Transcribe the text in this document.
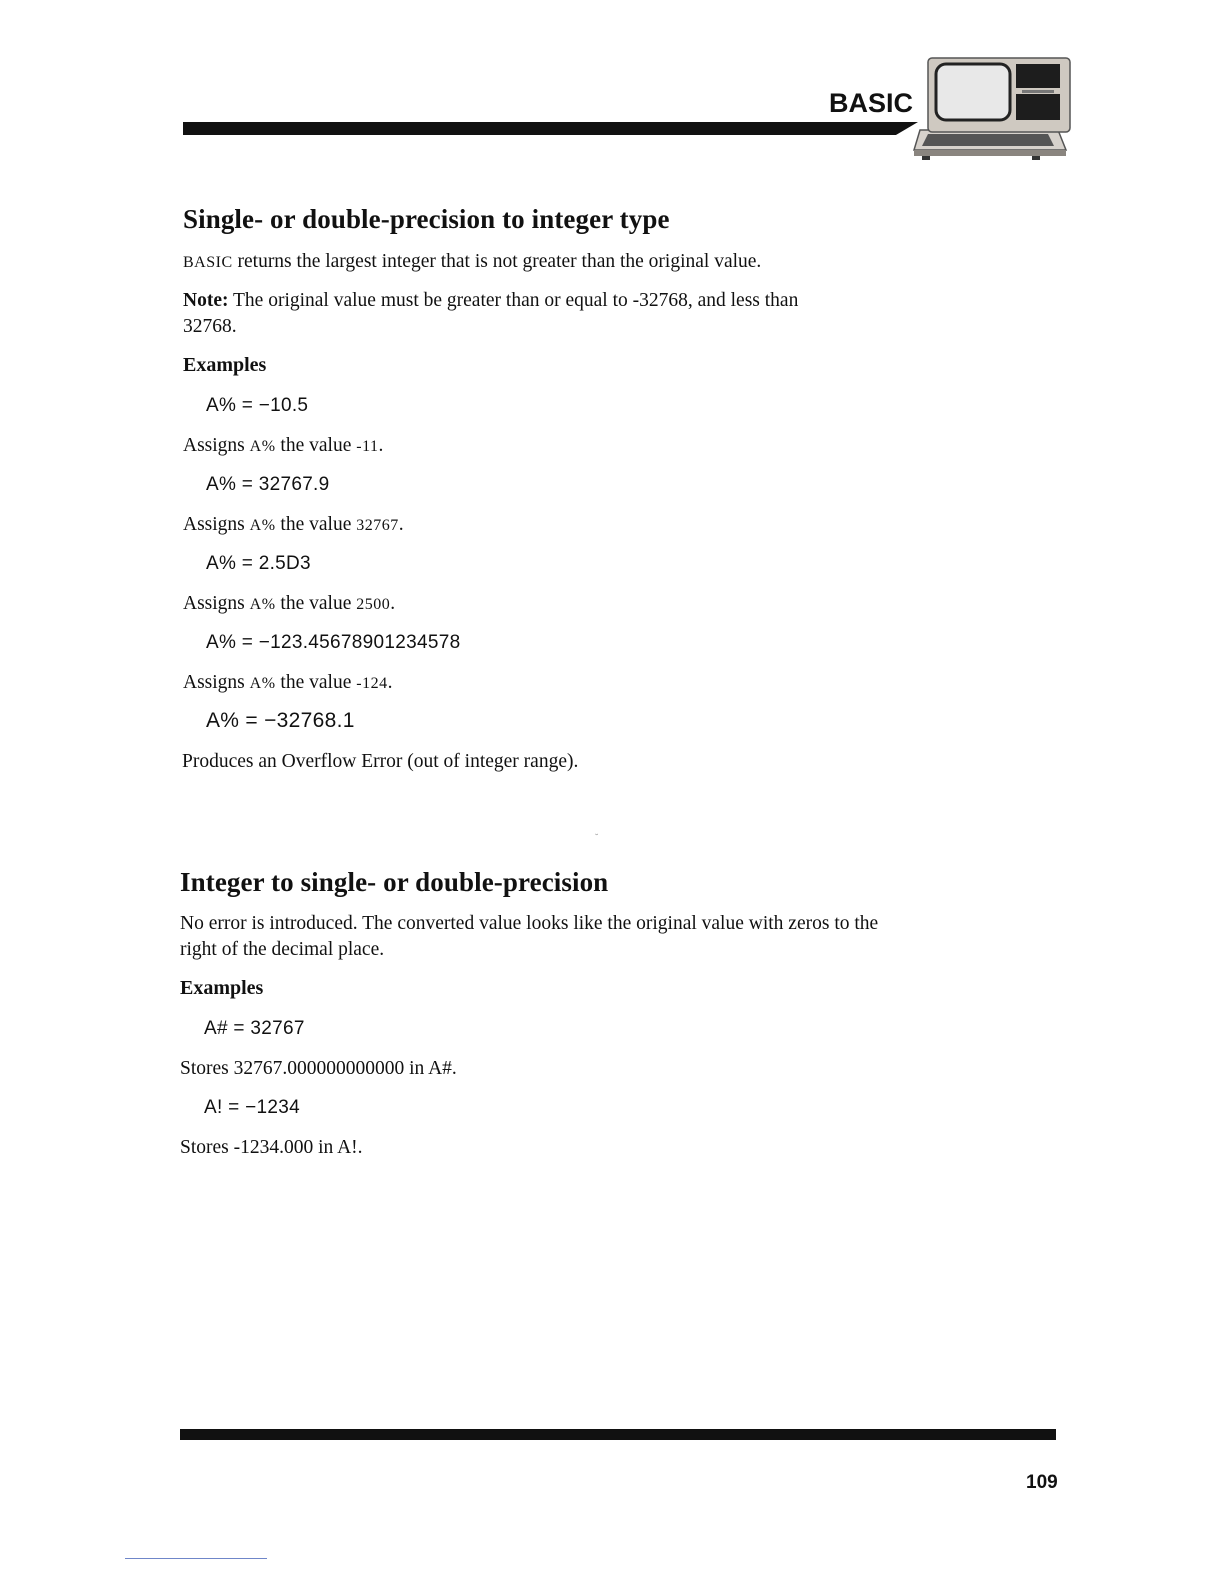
BASIC
Single- or double-precision to integer type

BASIC returns the largest integer that is not greater than the original value.

Note: The original value must be greater than or equal to -32768, and less than 32768.

Examples
A% = −10.5

Assigns A% the value -11.

A% = 32767.9

Assigns A% the value 32767.

A% = 2.5D3

Assigns A% the value 2500.

A% = −123.45678901234578

Assigns A% the value -124.

A% = −32768.1

Produces an Overflow Error (out of integer range).

˘
Integer to single- or double-precision

No error is introduced. The converted value looks like the original value with zeros to the right of the decimal place.

Examples
A# = 32767

Stores 32767.000000000000 in A#.

A! = −1234

Stores -1234.000 in A!.

109
